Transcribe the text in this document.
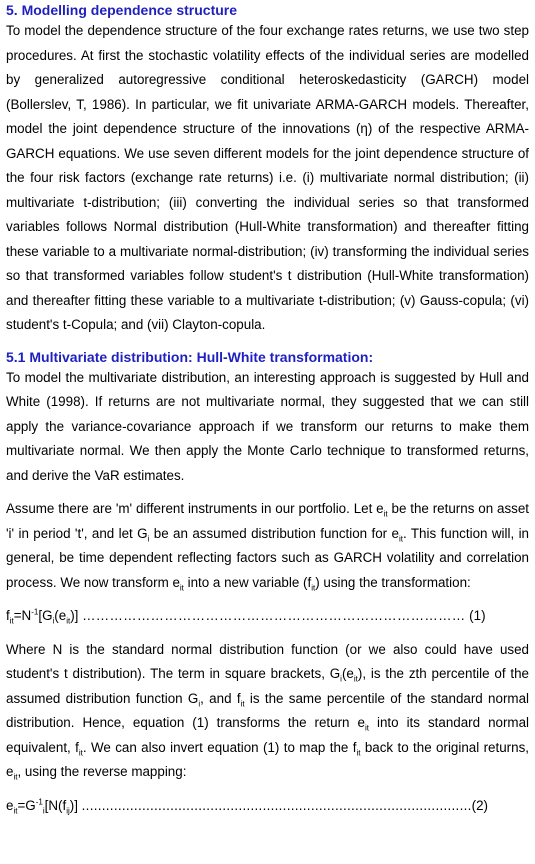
5. Modelling dependence structure

To model the dependence structure of the four exchange rates returns, we use two step procedures. At first the stochastic volatility effects of the individual series are modelled by generalized autoregressive conditional heteroskedasticity (GARCH) model (Bollerslev, T, 1986). In particular, we fit univariate ARMA-GARCH models. Thereafter, model the joint dependence structure of the innovations (η) of the respective ARMA-GARCH equations. We use seven different models for the joint dependence structure of the four risk factors (exchange rate returns) i.e. (i) multivariate normal distribution; (ii) multivariate t-distribution; (iii) converting the individual series so that transformed variables follows Normal distribution (Hull-White transformation) and thereafter fitting these variable to a multivariate normal-distribution; (iv) transforming the individual series so that transformed variables follow student's t distribution (Hull-White transformation) and thereafter fitting these variable to a multivariate t-distribution; (v) Gauss-copula; (vi) student's t-Copula; and (vii) Clayton-copula.

5.1 Multivariate distribution: Hull-White transformation:

To model the multivariate distribution, an interesting approach is suggested by Hull and White (1998). If returns are not multivariate normal, they suggested that we can still apply the variance-covariance approach if we transform our returns to make them multivariate normal. We then apply the Monte Carlo technique to transformed returns, and derive the VaR estimates.

Assume there are 'm' different instruments in our portfolio. Let $e_{it}$ be the returns on asset 'i' in period 't', and let $G_i$ be an assumed distribution function for $e_{it}$. This function will, in general, be time dependent reflecting factors such as GARCH volatility and correlation process. We now transform $e_{it}$ into a new variable $(f_{it})$ using the transformation:

$f_{it}=N^{-1}[G_i(e_{it})]$ ………………………………………………………………………… (1)

Where N is the standard normal distribution function (or we also could have used student's t distribution). The term in square brackets, $G_i(e_{it})$, is the zth percentile of the assumed distribution function $G_i$, and $f_{it}$ is the same percentile of the standard normal distribution. Hence, equation (1) transforms the return $e_{it}$ into its standard normal equivalent, $f_{it}$. We can also invert equation (1) to map the $f_{it}$ back to the original returns, $e_{it}$, using the reverse mapping:

$e_{it}=G^{-1}_i[N(f_{ij})]$ .................................................................................................(2)
